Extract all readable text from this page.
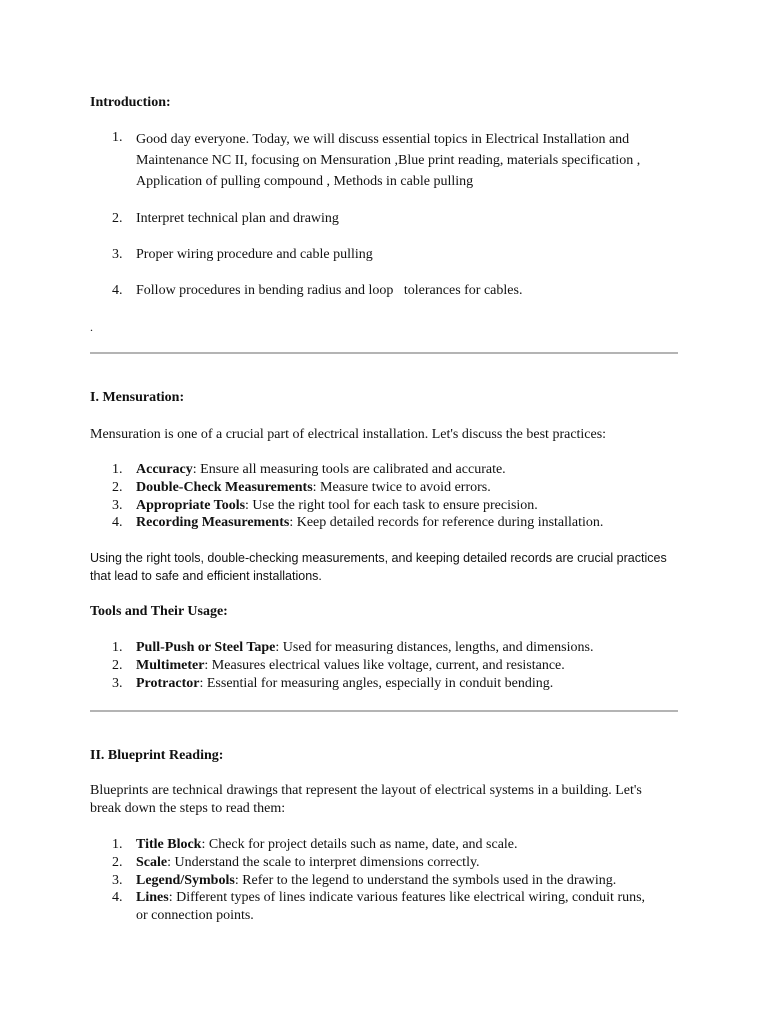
Introduction:
1. Good day everyone. Today, we will discuss essential topics in Electrical Installation and Maintenance NC II, focusing on Mensuration ,Blue print reading, materials specification , Application of pulling compound , Methods in cable pulling
2. Interpret technical plan and drawing
3. Proper wiring procedure and cable pulling
4. Follow procedures in bending radius and loop   tolerances for cables.
.
I. Mensuration:
Mensuration is one of a crucial part of electrical installation. Let's discuss the best practices:
1. Accuracy: Ensure all measuring tools are calibrated and accurate.
2. Double-Check Measurements: Measure twice to avoid errors.
3. Appropriate Tools: Use the right tool for each task to ensure precision.
4. Recording Measurements: Keep detailed records for reference during installation.
Using the right tools, double-checking measurements, and keeping detailed records are crucial practices that lead to safe and efficient installations.
Tools and Their Usage:
1. Pull-Push or Steel Tape: Used for measuring distances, lengths, and dimensions.
2. Multimeter: Measures electrical values like voltage, current, and resistance.
3. Protractor: Essential for measuring angles, especially in conduit bending.
II. Blueprint Reading:
Blueprints are technical drawings that represent the layout of electrical systems in a building. Let's break down the steps to read them:
1. Title Block: Check for project details such as name, date, and scale.
2. Scale: Understand the scale to interpret dimensions correctly.
3. Legend/Symbols: Refer to the legend to understand the symbols used in the drawing.
4. Lines: Different types of lines indicate various features like electrical wiring, conduit runs, or connection points.
